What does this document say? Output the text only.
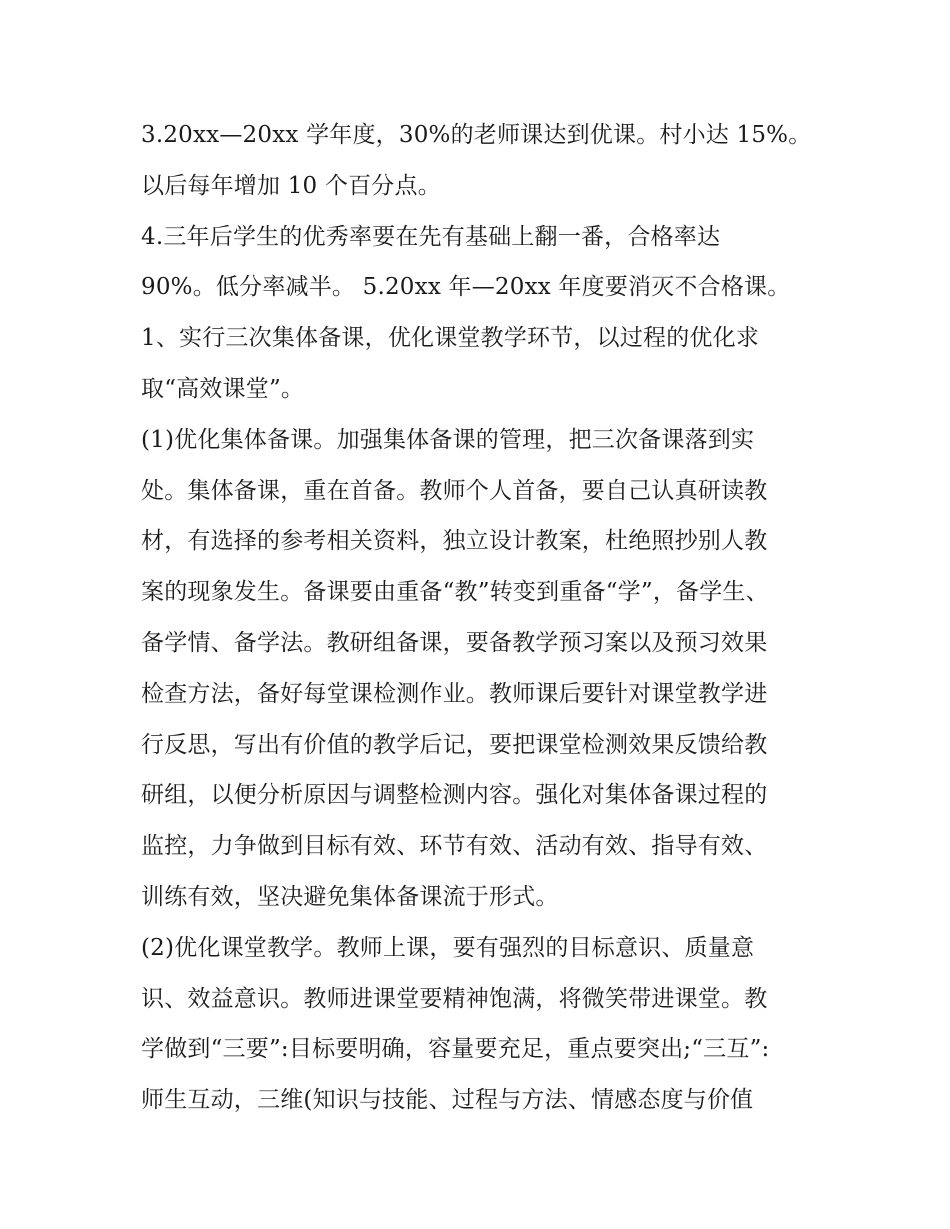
3.20xx—20xx 学年度，30%的老师课达到优课。村小达 15%。
以后每年增加 10 个百分点。
4.三年后学生的优秀率要在先有基础上翻一番，合格率达
90%。低分率减半。 5.20xx 年—20xx 年度要消灭不合格课。
1、实行三次集体备课，优化课堂教学环节，以过程的优化求
取“高效课堂”。
(1)优化集体备课。加强集体备课的管理，把三次备课落到实
处。集体备课，重在首备。教师个人首备，要自己认真研读教
材，有选择的参考相关资料，独立设计教案，杜绝照抄别人教
案的现象发生。备课要由重备“教”转变到重备“学”，备学生、
备学情、备学法。教研组备课，要备教学预习案以及预习效果
检查方法，备好每堂课检测作业。教师课后要针对课堂教学进
行反思，写出有价值的教学后记，要把课堂检测效果反馈给教
研组，以便分析原因与调整检测内容。强化对集体备课过程的
监控，力争做到目标有效、环节有效、活动有效、指导有效、
训练有效，坚决避免集体备课流于形式。
(2)优化课堂教学。教师上课，要有强烈的目标意识、质量意
识、效益意识。教师进课堂要精神饱满，将微笑带进课堂。教
学做到“三要”:目标要明确，容量要充足，重点要突出;“三互”:
师生互动，三维(知识与技能、过程与方法、情感态度与价值
